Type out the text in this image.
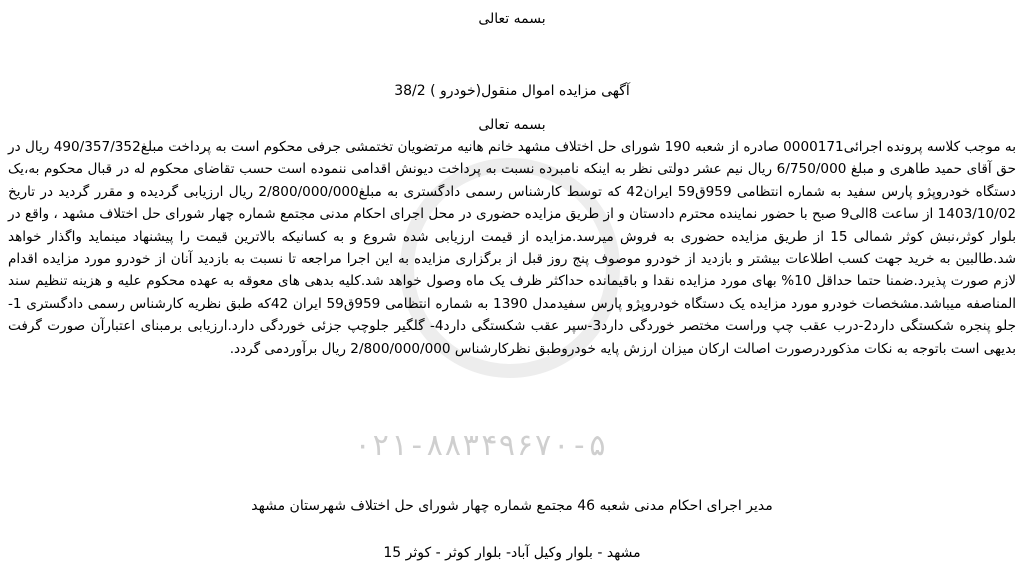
بسمه تعالی
آگهی مزایده اموال منقول(خودرو ) 38/2
بسمه تعالی
به موجب کلاسه پرونده اجرائی0000171 صادره از شعبه 190 شورای حل اختلاف مشهد خانم هانیه مرتضویان تختمشی جرفی محکوم است به پرداخت مبلغ490/357/352 ریال در حق آقای حمید طاهری و مبلغ 6/750/000 ریال نیم عشر دولتی نظر به اینکه نامبرده نسبت به پرداخت دیونش اقدامی ننموده است حسب تقاضای محکوم له در قبال محکوم به،یک دستگاه خودروپژو پارس سفید به شماره انتظامی 959ق59 ایران42 که توسط کارشناس رسمی دادگستری به مبلغ2/800/000/000 ریال ارزیابی گردیده و مقرر گردید در تاریخ 1403/10/02 از ساعت 8الی9 صبح با حضور نماینده محترم دادستان و از طریق مزایده حضوری در محل اجرای احکام مدنی مجتمع شماره چهار شورای حل اختلاف مشهد ، واقع در بلوار کوثر،نبش کوثر شمالی 15 از طریق مزایده حضوری به فروش میرسد.مزایده از قیمت ارزیابی شده شروع و به کسانیکه بالاترین قیمت را پیشنهاد مینماید واگذار خواهد شد.طالبین به خرید جهت کسب اطلاعات بیشتر و بازدید از خودرو موصوف پنج روز قبل از برگزاری مزایده به این اجرا مراجعه تا نسبت به بازدید آنان از خودرو مورد مزایده اقدام لازم صورت پذیرد.ضمنا حتما حداقل 10% بهای مورد مزایده نقدا و باقیمانده حداکثر ظرف یک ماه وصول خواهد شد.کلیه بدهی های معوقه به عهده محکوم علیه و هزینه تنظیم سند المناصفه میباشد.مشخصات خودرو مورد مزایده یک دستگاه خودروپژو پارس سفیدمدل 1390 به شماره انتظامی 959ق59 ایران 42که طبق نظریه کارشناس رسمی دادگستری 1-جلو پنجره شکستگی دارد2-درب عقب چپ وراست مختصر خوردگی دارد3-سپر عقب شکستگی دارد4- گلگیر جلوچپ جزئی خوردگی دارد.ارزیابی برمبنای اعتبارآن صورت گرفت بدیهی است باتوجه به نکات مذکوردرصورت اصالت ارکان میزان ارزش پایه خودروطبق نظرکارشناس 2/800/000/000 ریال برآوردمی گردد.
۰۲۱-۸۸۳۴۹۶۷۰-۵
مدیر اجرای احکام مدنی شعبه 46 مجتمع شماره چهار شورای حل اختلاف شهرستان مشهد
مشهد - بلوار وکیل آباد- بلوار کوثر - کوثر 15
